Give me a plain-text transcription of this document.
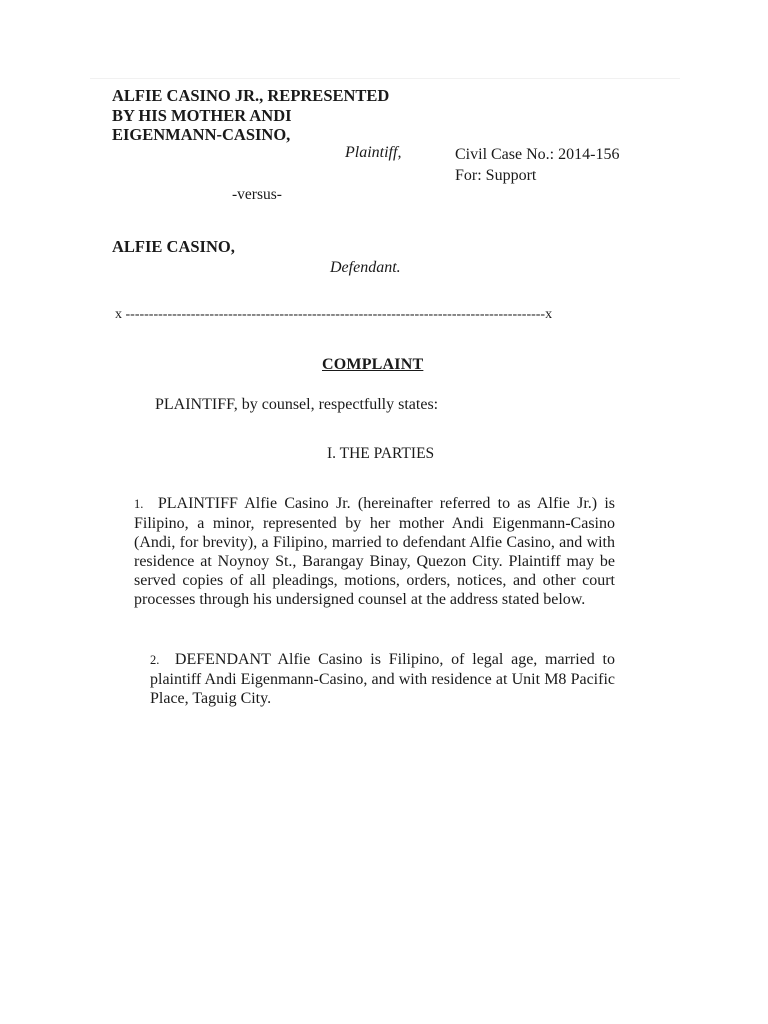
ALFIE CASINO JR., REPRESENTED
BY HIS MOTHER ANDI
EIGENMANN-CASINO,
Plaintiff,	Civil Case No.: 2014-156
For: Support
-versus-
ALFIE CASINO,
Defendant.
x ------------------------------------------------------------------------------------------x
COMPLAINT
PLAINTIFF, by counsel, respectfully states:
I. THE PARTIES
1. PLAINTIFF Alfie Casino Jr. (hereinafter referred to as Alfie Jr.) is Filipino, a minor, represented by her mother Andi Eigenmann-Casino (Andi, for brevity), a Filipino, married to defendant Alfie Casino, and with residence at Noynoy St., Barangay Binay, Quezon City. Plaintiff may be served copies of all pleadings, motions, orders, notices, and other court processes through his undersigned counsel at the address stated below.
2. DEFENDANT Alfie Casino is Filipino, of legal age, married to plaintiff Andi Eigenmann-Casino, and with residence at Unit M8 Pacific Place, Taguig City.
